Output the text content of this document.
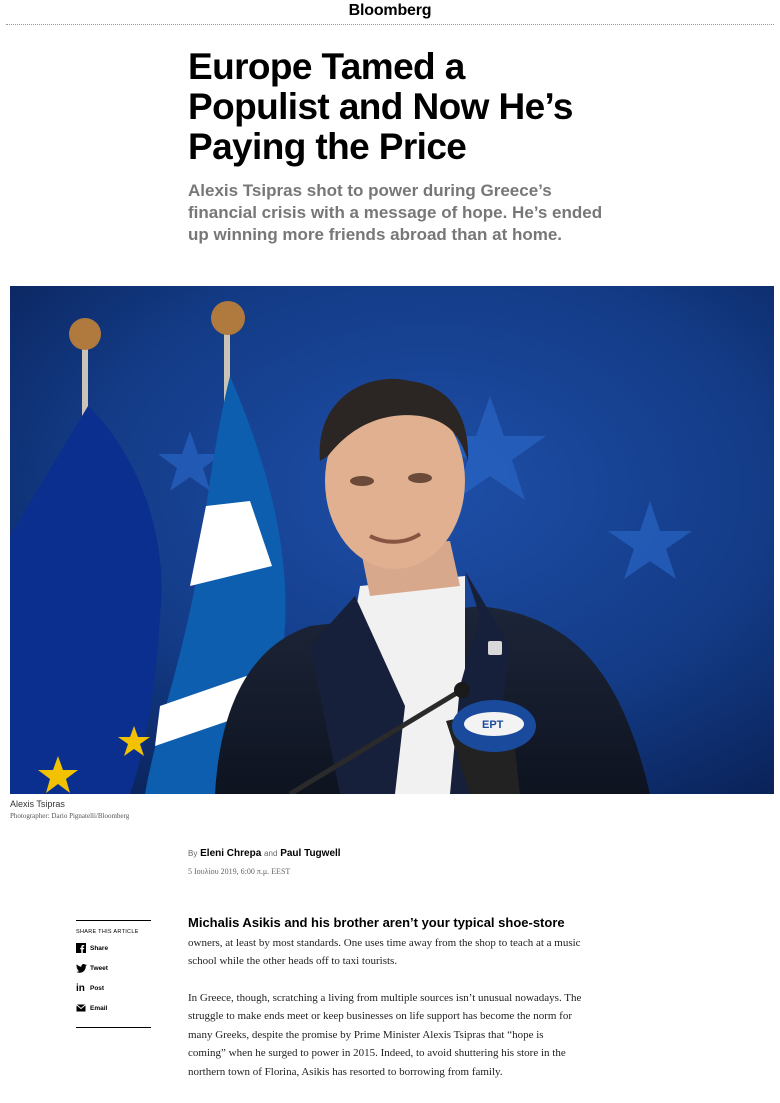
Bloomberg
Europe Tamed a Populist and Now He’s Paying the Price
Alexis Tsipras shot to power during Greece’s financial crisis with a message of hope. He’s ended up winning more friends abroad than at home.
EPT
Alexis Tsipras
Photographer: Dario Pignatelli/Bloomberg
By Eleni Chrepa and Paul Tugwell
5 Ιουλίου 2019, 6:00 π.μ. EEST
SHARE THIS ARTICLE
Share
Tweet
in Post
Email

Michalis Asikis and his brother aren’t your typical shoe-store owners, at least by most standards. One uses time away from the shop to teach at a music school while the other heads off to taxi tourists.

In Greece, though, scratching a living from multiple sources isn’t unusual nowadays. The struggle to make ends meet or keep businesses on life support has become the norm for many Greeks, despite the promise by Prime Minister Alexis Tsipras that “hope is coming” when he surged to power in 2015. Indeed, to avoid shuttering his store in the northern town of Florina, Asikis has resorted to borrowing from family.
